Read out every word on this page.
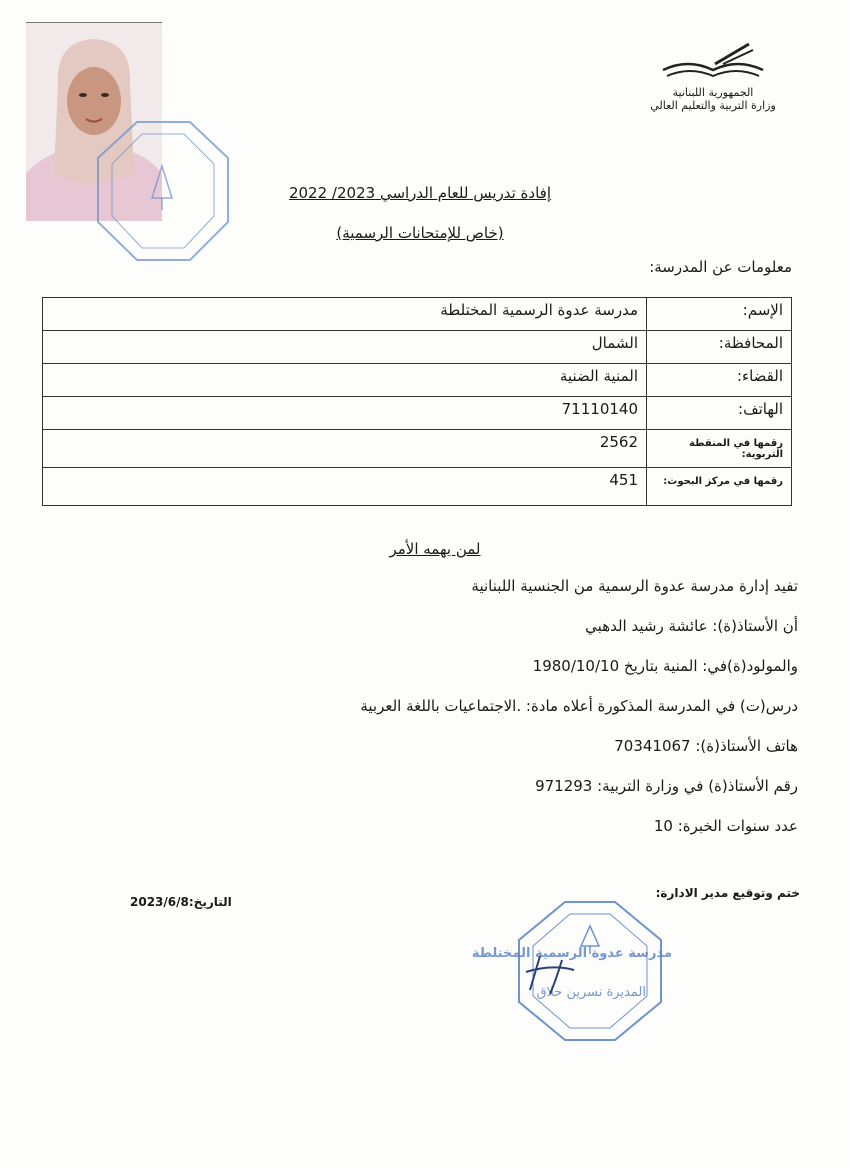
الجمهورية اللبنانية
وزارة التربية والتعليم العالي
إفادة تدريس للعام الدراسي 2023/ 2022
(خاص للإمتحانات الرسمية)
معلومات عن المدرسة:
الإسم:	مدرسة عدوة الرسمية المختلطة
المحافظة:	الشمال
القضاء:	المنية الضنية
الهاتف:	71110140
رقمها في المنقطة التربوية:	2562
رقمها في مركز البحوث:	451
لمن يهمه الأمر
تفيد إدارة مدرسة عدوة الرسمية من الجنسية اللبنانية
أن الأستاذ(ة): عائشة رشيد الدهبي
والمولود(ة)في: المنية بتاريخ 1980/10/10
درس(ت) في المدرسة المذكورة أعلاه مادة: .الاجتماعيات باللغة العربية
هاتف الأستاذ(ة): 70341067
رقم الأستاذ(ة) في وزارة التربية: 971293
عدد سنوات الخبرة: 10
ختم وتوقيع مدير الادارة:
التاريخ:2023/6/8
مدرسة عدوة الرسمية المختلطة
المديرة نسرين حلاق
